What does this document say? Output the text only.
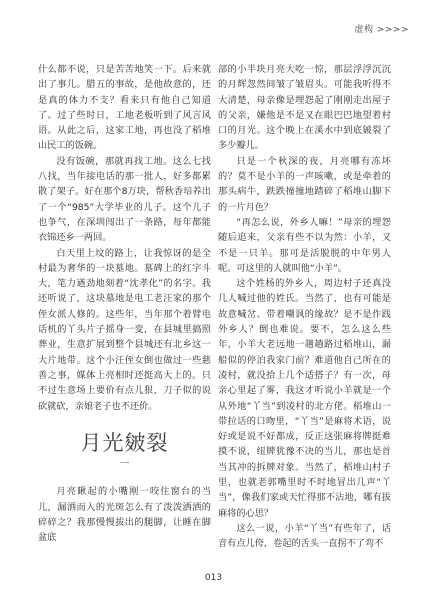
虚构 >>>>

什么都不说，只是苦苦地笑一下。后来就出了事儿。腊五的事故，是他故意的，还是真的体力不支？看来只有他自己知道了。过了些时日，工地老板听到了风言风语。从此之后，这家工地，再也没了稻堆山民工的饭碗。

没有饭碗，那就再找工地。这么七找八找，当年接电话的那一批人，好多都累散了架子。好在那个8万块，帮秋香培养出了一个“985”大学毕业的儿子。这个儿子也争气，在深圳闯出了一条路，每年都能衣锦还乡一两回。

白天里上坟的路上，让我惊讶的是全村最为奢华的一块墓地。墓碑上的红字斗大，笔力遒劲地刻着“沈孝化”的名字。我还听说了，这块墓地是电工老汪家的那个侄女派人修的。这些年，当年那个着臂电话机的丫头片子摇身一变，在县城里搞照葬业，生意扩展到整个县城还有北乡这一大片地带。这个小汪侄女倒也做过一些慈善之事，媒体上亮相时还挺高大上的。只不过生意场上要价有点儿狠，刀子似的说砍就砍，亲娘老子也不还价。

月光皴裂
一

月亮瞅起的小嘴刚一咬住窗台的当儿，漏洒而入的光斑怎么有了泼泼洒洒的碎碎之？我那慢慢拔出的腿脚，让睡在脚盆底

部的小半块月亮大吃一惊，那层浮浮沉沉的月辉忽然间皱了皱眉头。可能我听得不大清楚，母亲像是埋怨起了刚刚走出屋子的父亲，嫌他是不是又在眼巴巴地望着村口的月光。这个晚上在溪水中到底皴裂了多少瓣儿。

只是一个秋深的夜，月亮哪有冻坏的？莫不是小羊的一声咳嗽，或是牵着的那头病牛，跌跌撞撞地踏碎了稻堆山脚下的一片月色？

“再怎么说，外乡人嘛！”母亲的埋怨随后追来，父亲有些不以为然：小羊，又不是一只羊。那可是活脱脱的中年男人呢。可这里的人就叫他“小羊”。

这个姓杨的外乡人，周边村子还真没几人喊过他的姓氏。当然了，也有可能是故意喊岔、带着嘲讽的缘故？是不是作践外乡人？倒也难说。要不，怎么这么些年，小羊大老远地一趟趟路过稻堆山，漏船似的停泊我家门前？难道他自己所在的凌村，就没拾上几个适搭子？有一次，母亲心里起了雾，我这才听说小羊就是一个从外地“丫当”到凌村的北方佬。稻堆山一带拉话的口吻里，“丫当”是麻将术语，说好或是说不好都成，反正这张麻将牌挺难摸不说，纽牌犹豫不决的当儿，那也是首当其冲的拆牌对象。当然了，稻堆山村子里，也就老郭嘴里时不时地冒出几声“丫当”，像我们家或天忙得那不沾地，哪有拔麻将的心思？

这么一说，小羊“丫当”有些年了，话音有点儿侉，卷起的舌头一直拐不了弯不

013
